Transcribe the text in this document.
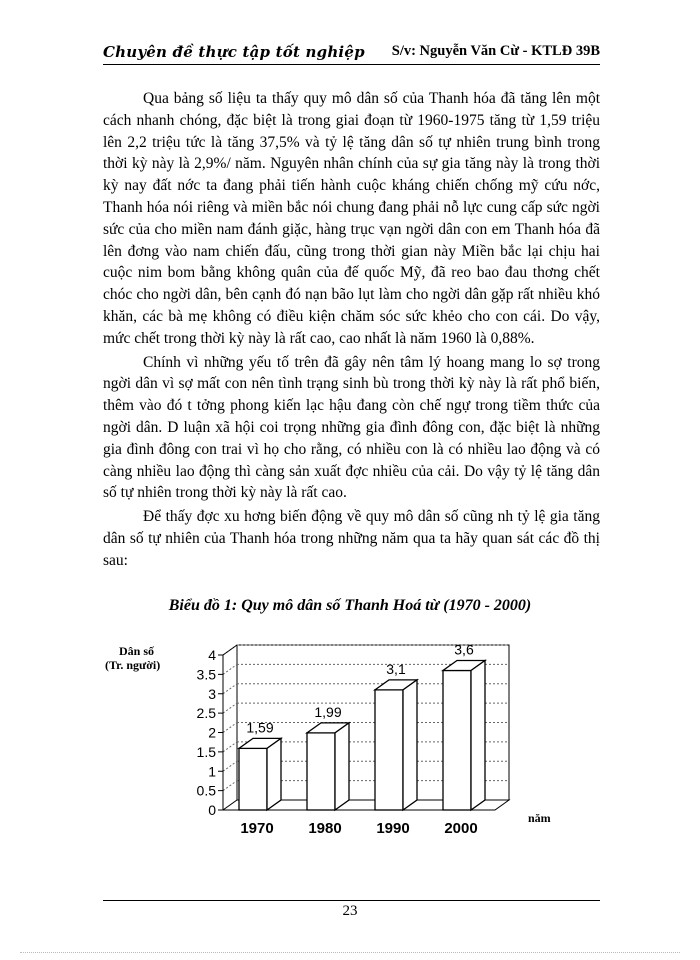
Chuyên đề thực tập tốt nghiệp S/v: Nguyễn Văn Cừ - KTLĐ 39B

Qua bảng số liệu ta thấy quy mô dân số của Thanh hóa đã tăng lên một cách nhanh chóng, đặc biệt là trong giai đoạn từ 1960-1975 tăng từ 1,59 triệu lên 2,2 triệu tức là tăng 37,5% và tỷ lệ tăng dân số tự nhiên trung bình trong thời kỳ này là 2,9%/ năm. Nguyên nhân chính của sự gia tăng này là trong thời kỳ nay đất nớc ta đang phải tiến hành cuộc kháng chiến chống mỹ cứu nớc, Thanh hóa nói riêng và miền bắc nói chung đang phải nỗ lực cung cấp sức ngời sức của cho miền nam đánh giặc, hàng trục vạn ngời dân con em Thanh hóa đã lên đơng vào nam chiến đấu, cũng trong thời gian này Miền bắc lại chịu hai cuộc nim bom bằng không quân của đế quốc Mỹ, đã reo bao đau thơng chết chóc cho ngời dân, bên cạnh đó nạn bão lụt làm cho ngời dân gặp rất nhiều khó khăn, các bà mẹ không có điều kiện chăm sóc sức khẻo cho con cái. Do vậy, mức chết trong thời kỳ này là rất cao, cao nhất là năm 1960 là 0,88%.

Chính vì những yếu tố trên đã gây nên tâm lý hoang mang lo sợ trong ngời dân vì sợ mất con nên tình trạng sinh bù trong thời kỳ này là rất phổ biến, thêm vào đó t tởng phong kiến lạc hậu đang còn chế ngự trong tiềm thức của ngời dân. D luận xã hội coi trọng những gia đình đông con, đặc biệt là những gia đình đông con trai vì họ cho rằng, có nhiều con là có nhiều lao động và có càng nhiều lao động thì càng sản xuất đợc nhiều của cải. Do vậy tỷ lệ tăng dân số tự nhiên trong thời kỳ này là rất cao.

Để thấy đợc xu hơng biến động về quy mô dân số cũng nh tỷ lệ gia tăng dân số tự nhiên của Thanh hóa trong những năm qua ta hãy quan sát các đồ thị sau:

Biểu đồ 1: Quy mô dân số Thanh Hoá từ (1970 - 2000)
0
0.5
1
1.5
2
2.5
3
3.5
4
1,59
1970
1,99
1980
3,1
1990
3,6
2000
Dân số
(Tr. người)
năm
23
